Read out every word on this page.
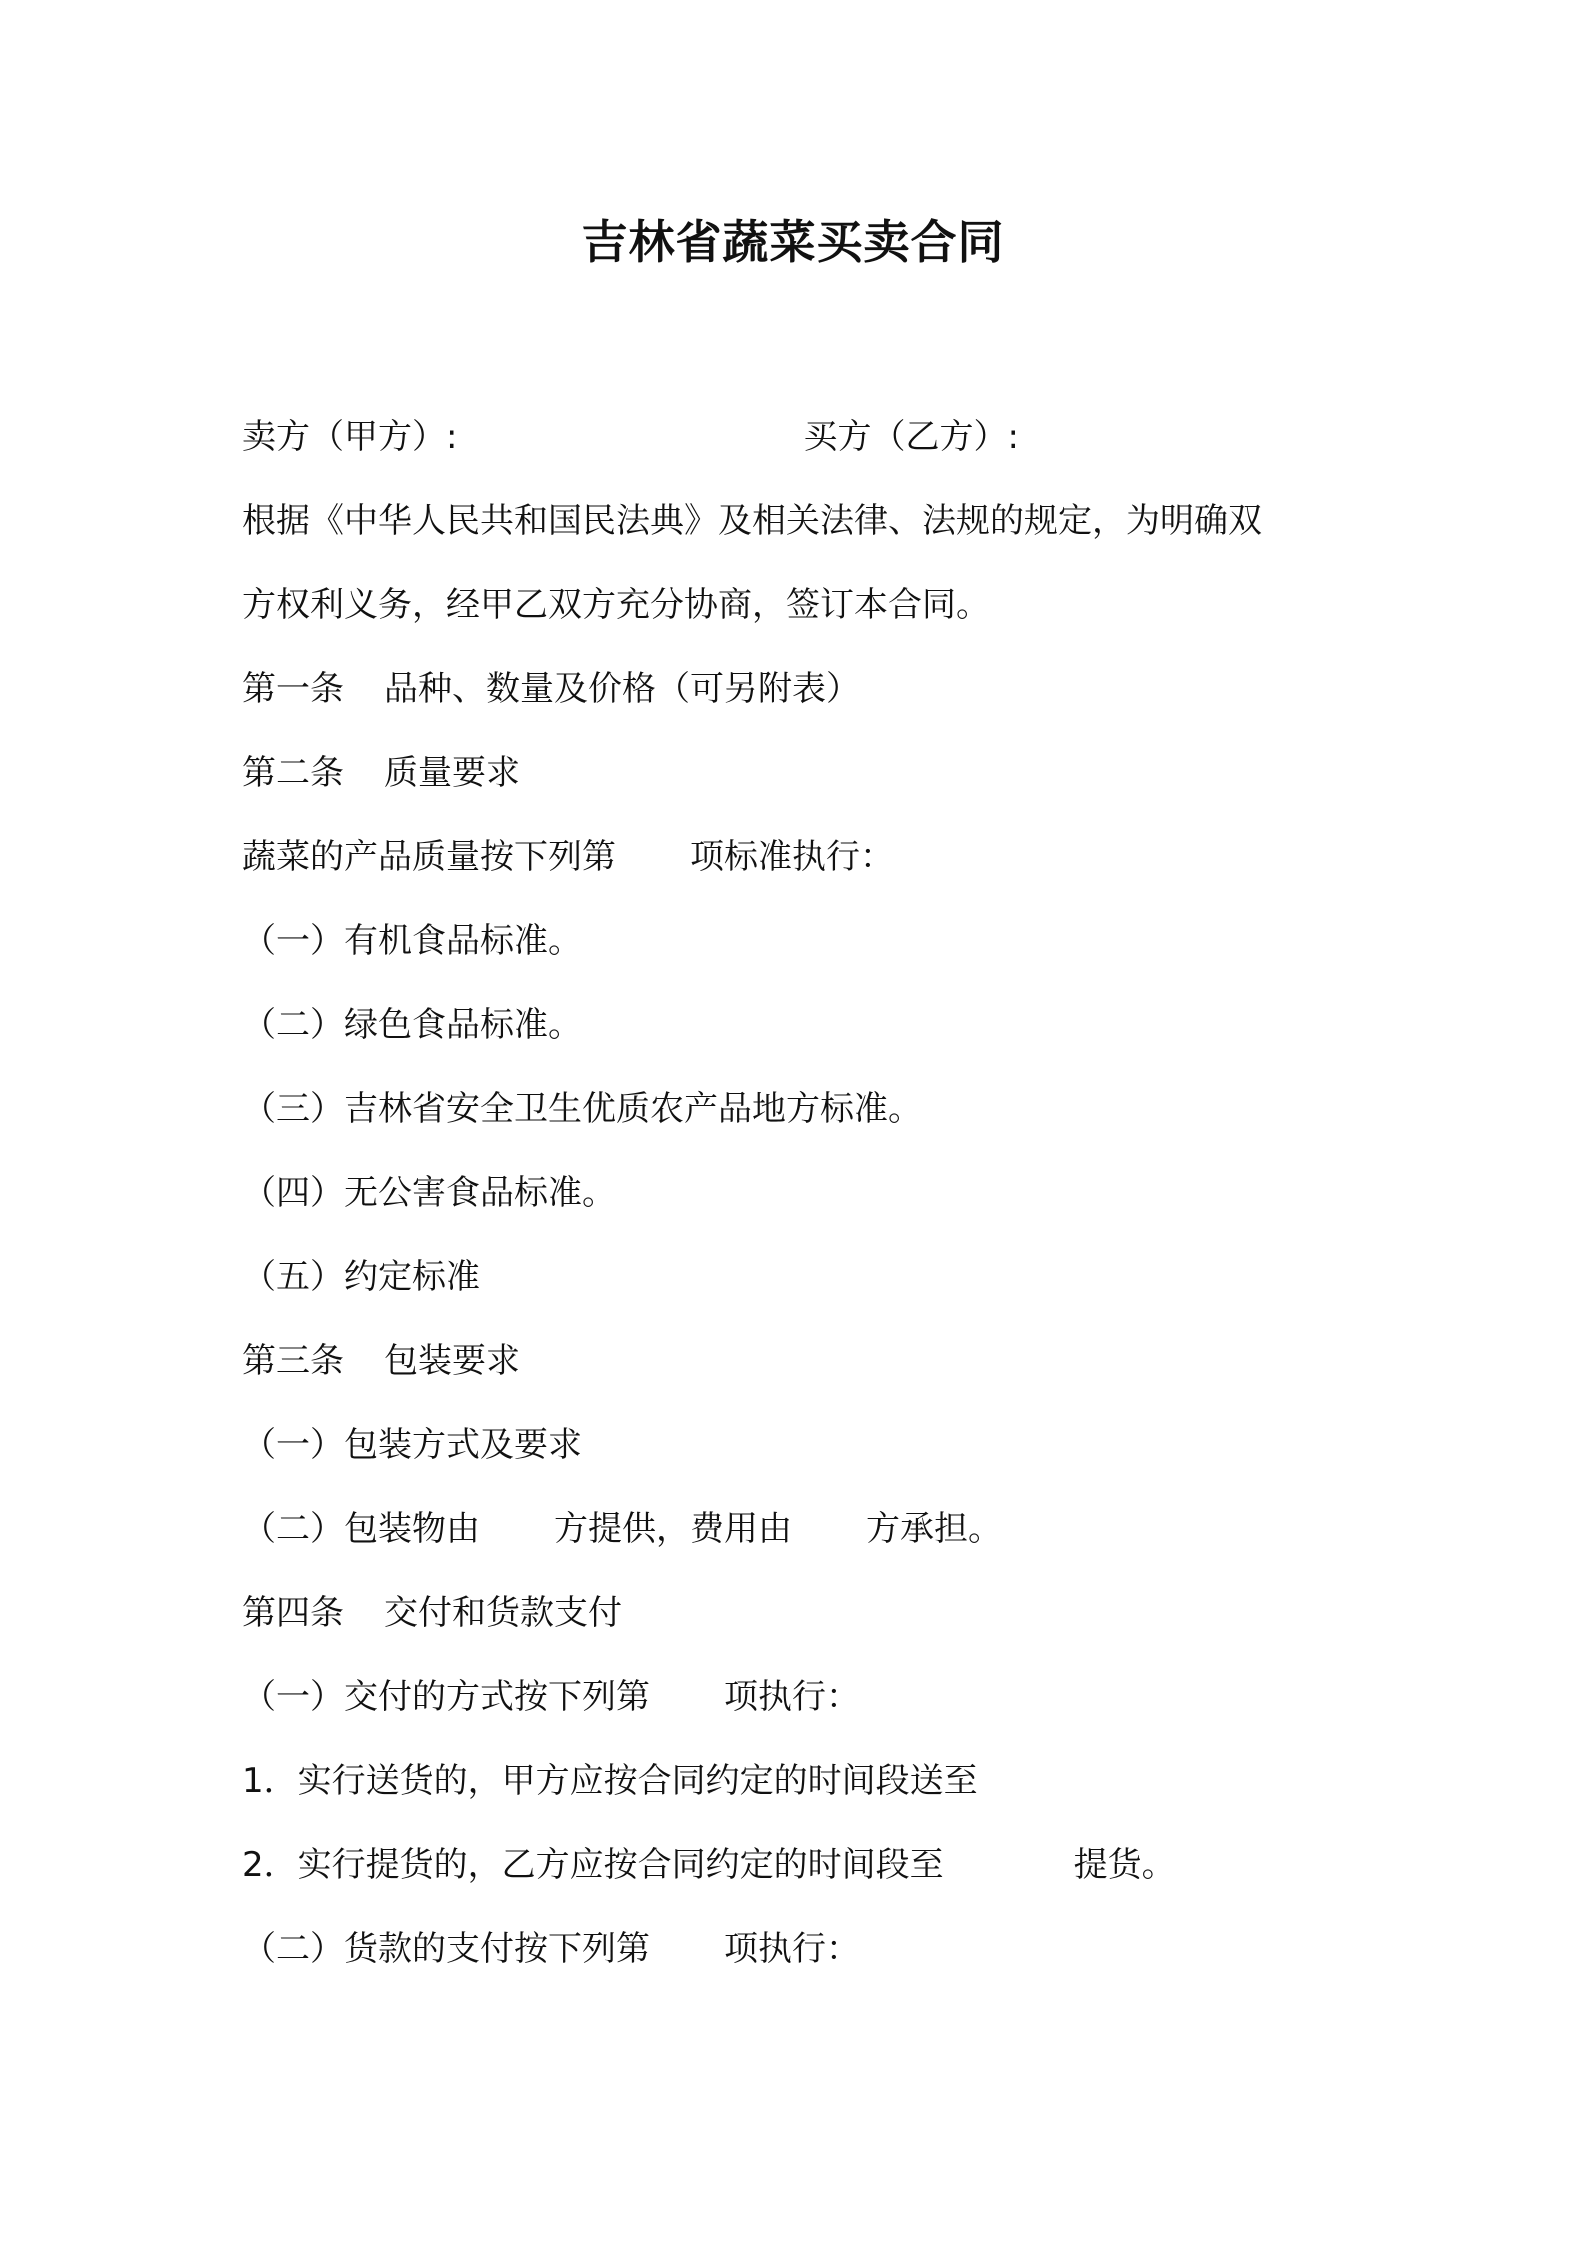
吉林省蔬菜买卖合同
卖方（甲方）:	买方（乙方）:
根据《中华人民共和国民法典》及相关法律、法规的规定，为明确双
方权利义务，经甲乙双方充分协商，签订本合同。
第一条 品种、数量及价格（可另附表）
第二条 质量要求
蔬菜的产品质量按下列第 项标准执行：
（一）有机食品标准。
（二）绿色食品标准。
（三）吉林省安全卫生优质农产品地方标准。
（四）无公害食品标准。
（五）约定标准
第三条 包装要求
（一）包装方式及要求
（二）包装物由 方提供，费用由 方承担。
第四条 交付和货款支付
（一）交付的方式按下列第 项执行：
1．实行送货的，甲方应按合同约定的时间段送至
2．实行提货的，乙方应按合同约定的时间段至	提货。
（二）货款的支付按下列第 项执行：
